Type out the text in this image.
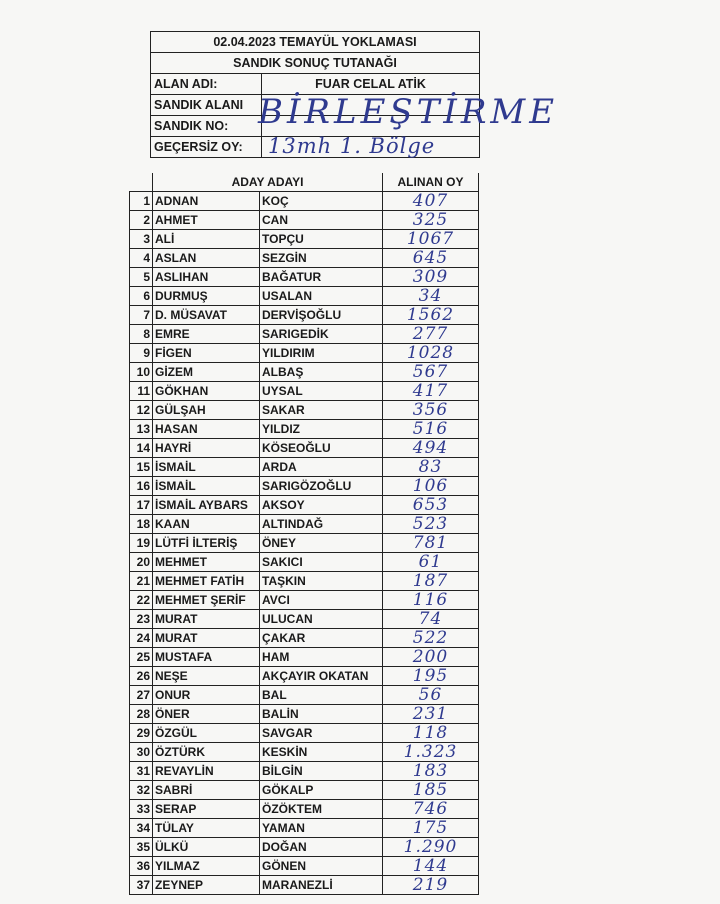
02.04.2023 TEMAYÜL YOKLAMASI	
SANDIK SONUÇ TUTANAĞI	
ALAN ADI:	FUAR CELAL ATİK
SANDIK ALANI	
SANDIK NO:	
GEÇERSİZ OY:	
BİRLEŞTİRME
13mh 1. Bölge
	ADAY ADAYI		ALINAN OY
1	ADNAN	KOÇ	407
2	AHMET	CAN	325
3	ALİ	TOPÇU	1067
4	ASLAN	SEZGİN	645
5	ASLIHAN	BAĞATUR	309
6	DURMUŞ	USALAN	34
7	D. MÜSAVAT	DERVİŞOĞLU	1562
8	EMRE	SARIGEDİK	277
9	FİGEN	YILDIRIM	1028
10	GİZEM	ALBAŞ	567
11	GÖKHAN	UYSAL	417
12	GÜLŞAH	SAKAR	356
13	HASAN	YILDIZ	516
14	HAYRİ	KÖSEOĞLU	494
15	İSMAİL	ARDA	83
16	İSMAİL	SARIGÖZOĞLU	106
17	İSMAİL AYBARS	AKSOY	653
18	KAAN	ALTINDAĞ	523
19	LÜTFİ İLTERİŞ	ÖNEY	781
20	MEHMET	SAKICI	61
21	MEHMET FATİH	TAŞKIN	187
22	MEHMET ŞERİF	AVCI	116
23	MURAT	ULUCAN	74
24	MURAT	ÇAKAR	522
25	MUSTAFA	HAM	200
26	NEŞE	AKÇAYIR OKATAN	195
27	ONUR	BAL	56
28	ÖNER	BALİN	231
29	ÖZGÜL	SAVGAR	118
30	ÖZTÜRK	KESKİN	1.323
31	REVAYLİN	BİLGİN	183
32	SABRİ	GÖKALP	185
33	SERAP	ÖZÖKTEM	746
34	TÜLAY	YAMAN	175
35	ÜLKÜ	DOĞAN	1.290
36	YILMAZ	GÖNEN	144
37	ZEYNEP	MARANEZLİ	219
